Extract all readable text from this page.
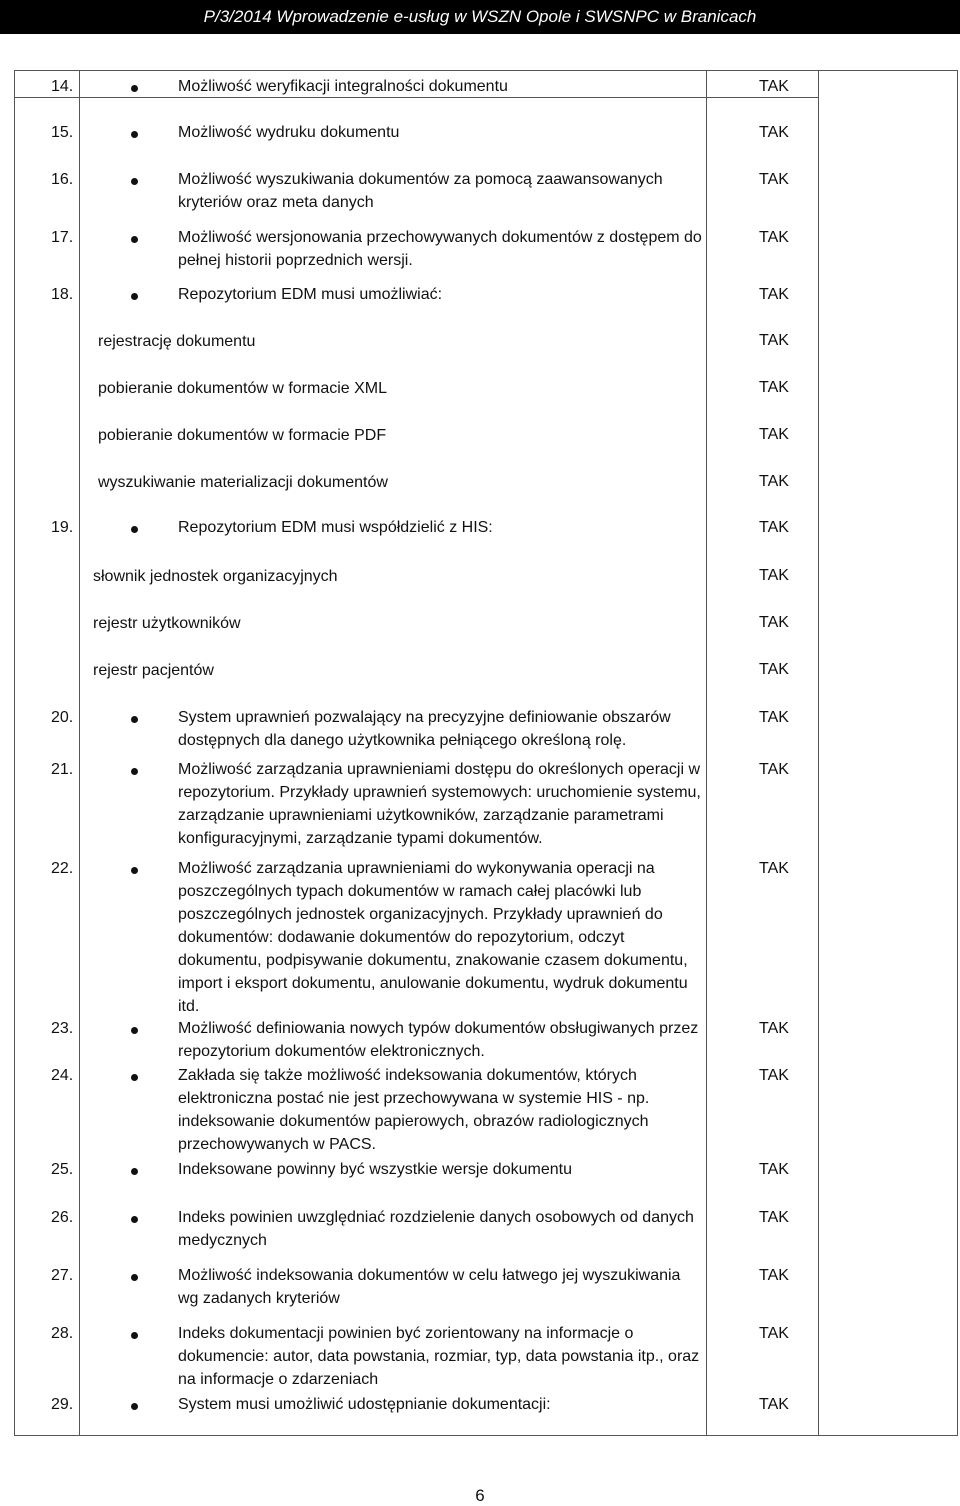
P/3/2014 Wprowadzenie e-usług w WSZN Opole i SWSNPC w Branicach
14.	Możliwość weryfikacji integralności dokumentu	TAK
15.	Możliwość wydruku dokumentu	TAK
16.	Możliwość wyszukiwania dokumentów za pomocą zaawansowanych
kryteriów oraz meta danych
TAK
17.	Możliwość wersjonowania przechowywanych dokumentów z dostępem do
pełnej historii poprzednich wersji.
TAK
18.	Repozytorium EDM musi umożliwiać:	TAK
rejestrację dokumentu	TAK
pobieranie dokumentów w formacie XML	TAK
pobieranie dokumentów w formacie PDF	TAK
wyszukiwanie materializacji dokumentów	TAK
19.	Repozytorium EDM musi współdzielić z HIS:	TAK
słownik jednostek organizacyjnych	TAK
rejestr użytkowników	TAK
rejestr pacjentów	TAK
20.	System uprawnień pozwalający na precyzyjne definiowanie obszarów
dostępnych dla danego użytkownika pełniącego określoną rolę.
TAK
21.	Możliwość zarządzania uprawnieniami dostępu do określonych operacji w
repozytorium. Przykłady uprawnień systemowych: uruchomienie systemu,
zarządzanie uprawnieniami użytkowników, zarządzanie parametrami
konfiguracyjnymi, zarządzanie typami dokumentów.
TAK
22.	Możliwość zarządzania uprawnieniami do wykonywania operacji na
poszczególnych typach dokumentów w ramach całej placówki lub
poszczególnych jednostek organizacyjnych. Przykłady uprawnień do
dokumentów: dodawanie dokumentów do repozytorium, odczyt
dokumentu, podpisywanie dokumentu, znakowanie czasem dokumentu,
import i eksport dokumentu, anulowanie dokumentu, wydruk dokumentu
itd.
TAK
23.	Możliwość definiowania nowych typów dokumentów obsługiwanych przez
repozytorium dokumentów elektronicznych.
TAK
24.	Zakłada się także możliwość indeksowania dokumentów, których
elektroniczna postać nie jest przechowywana w systemie HIS - np.
indeksowanie dokumentów papierowych, obrazów radiologicznych
przechowywanych w PACS.
TAK
25.	Indeksowane powinny być wszystkie wersje dokumentu	TAK
26.	Indeks powinien uwzględniać rozdzielenie danych osobowych od danych
medycznych
TAK
27.	Możliwość indeksowania dokumentów w celu łatwego jej wyszukiwania
wg zadanych kryteriów
TAK
28.	Indeks dokumentacji powinien być zorientowany na informacje o
dokumencie: autor, data powstania, rozmiar, typ, data powstania itp., oraz
na informacje o zdarzeniach
TAK
29.	System musi umożliwić udostępnianie dokumentacji:	TAK
6
